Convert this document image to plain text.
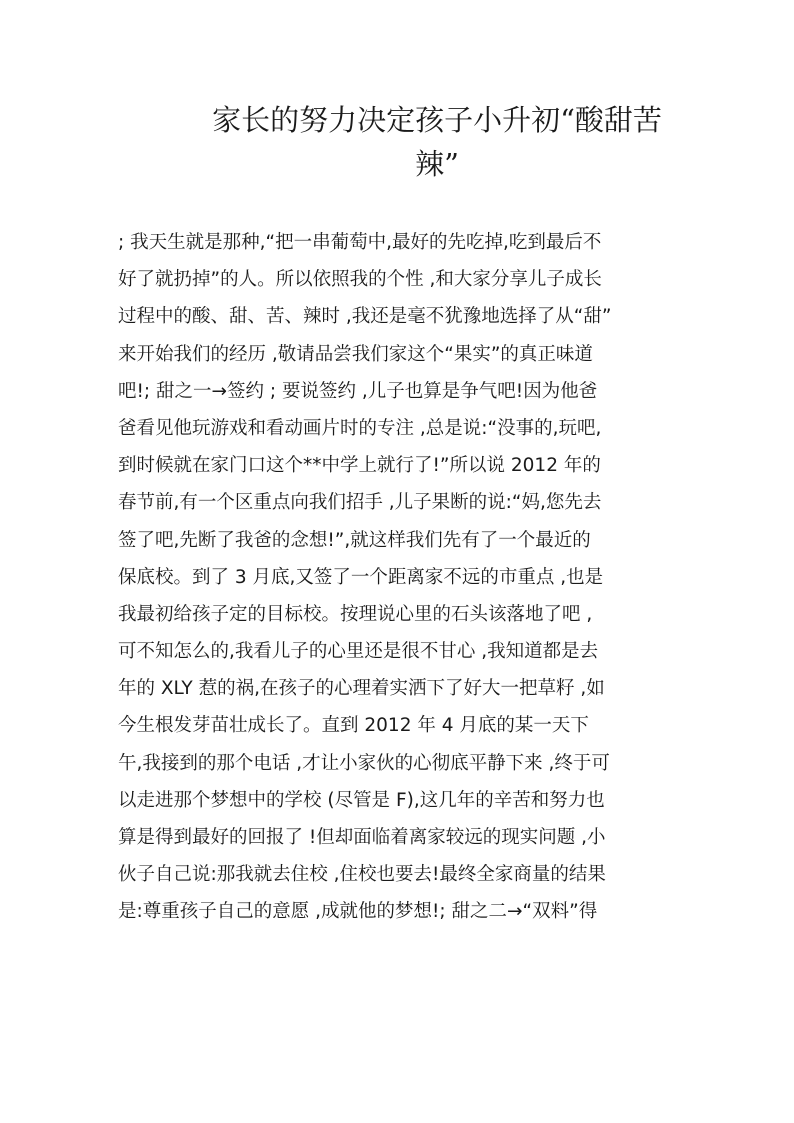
家长的努力决定孩子小升初“酸甜苦
辣”
; 我天生就是那种,“把一串葡萄中,最好的先吃掉,吃到最后不
好了就扔掉”的人。所以依照我的个性 ,和大家分享儿子成长
过程中的酸、甜、苦、辣时 ,我还是毫不犹豫地选择了从“甜”
来开始我们的经历 ,敬请品尝我们家这个“果实”的真正味道
吧!; 甜之一→签约 ; 要说签约 ,儿子也算是争气吧!因为他爸
爸看见他玩游戏和看动画片时的专注 ,总是说:“没事的,玩吧,
到时候就在家门口这个**中学上就行了!”所以说 2012 年的
春节前,有一个区重点向我们招手 ,儿子果断的说:“妈,您先去
签了吧,先断了我爸的念想!”,就这样我们先有了一个最近的
保底校。到了 3 月底,又签了一个距离家不远的市重点 ,也是
我最初给孩子定的目标校。按理说心里的石头该落地了吧 ,
可不知怎么的,我看儿子的心里还是很不甘心 ,我知道都是去
年的 XLY 惹的祸,在孩子的心理着实洒下了好大一把草籽 ,如
今生根发芽苗壮成长了。直到 2012 年 4 月底的某一天下
午,我接到的那个电话 ,才让小家伙的心彻底平静下来 ,终于可
以走进那个梦想中的学校 (尽管是 F),这几年的辛苦和努力也
算是得到最好的回报了 !但却面临着离家较远的现实问题 ,小
伙子自己说:那我就去住校 ,住校也要去!最终全家商量的结果
是:尊重孩子自己的意愿 ,成就他的梦想!; 甜之二→“双料”得
